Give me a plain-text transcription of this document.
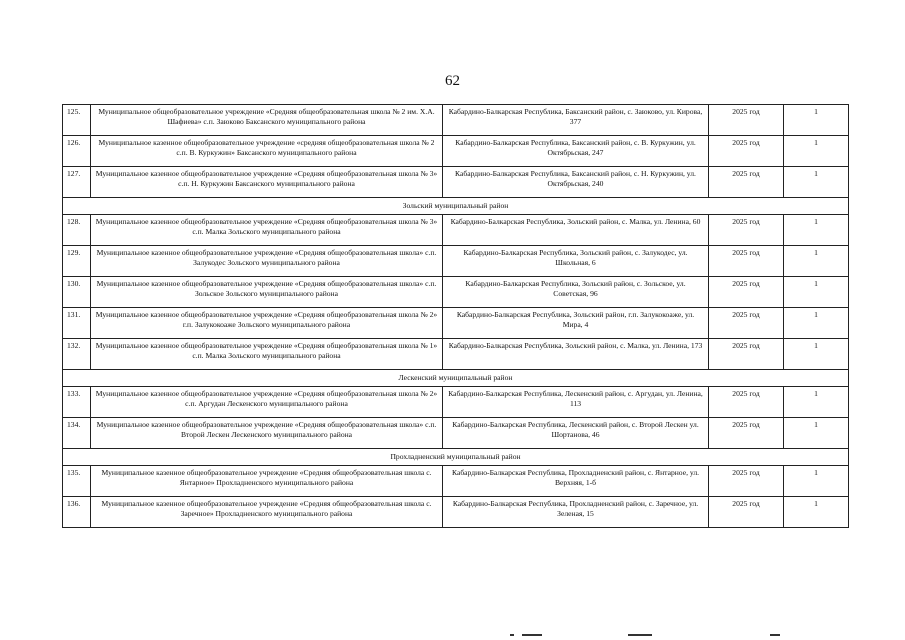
62
125.	Муниципальное общеобразовательное учреждение «Средняя общеобразовательная школа № 2 им. Х.А. Шафиева» с.п. Заюково Баксанского муниципального района	Кабардино-Балкарская Республика, Баксанский район, с. Заюково, ул. Кирова, 377	2025 год	1
126.	Муниципальное казенное общеобразовательное учреждение «средняя общеобразовательная школа № 2 с.п. В. Куркужин» Баксанского муниципального района	Кабардино-Балкарская Республика, Баксанский район, с. В. Куркужин, ул. Октябрьская, 247	2025 год	1
127.	Муниципальное казенное общеобразовательное учреждение «Средняя общеобразовательная школа № 3» с.п. Н. Куркужин Баксанского муниципального района	Кабардино-Балкарская Республика, Баксанский район, с. Н. Куркужин, ул. Октябрьская, 240	2025 год	1
Зольский муниципальный район				
128.	Муниципальное казенное общеобразовательное учреждение «Средняя общеобразовательная школа № 3» с.п. Малка Зольского муниципального района	Кабардино-Балкарская Республика, Зольский район, с. Малка, ул. Ленина, 60	2025 год	1
129.	Муниципальное казенное общеобразовательное учреждение «Средняя общеобразовательная школа» с.п. Залукодес Зольского муниципального района	Кабардино-Балкарская Республика, Зольский район, с. Залукодес, ул. Школьная, 6	2025 год	1
130.	Муниципальное казенное общеобразовательное учреждение «Средняя общеобразовательная школа» с.п. Зольское Зольского муниципального района	Кабардино-Балкарская Республика, Зольский район, с. Зольское, ул. Советская, 96	2025 год	1
131.	Муниципальное казенное общеобразовательное учреждение «Средняя общеобразовательная школа № 2» г.п. Залукокоаже Зольского муниципального района	Кабардино-Балкарская Республика, Зольский район, г.п. Залукокоаже, ул. Мира, 4	2025 год	1
132.	Муниципальное казенное общеобразовательное учреждение «Средняя общеобразовательная школа № 1» с.п. Малка Зольского муниципального района	Кабардино-Балкарская Республика, Зольский район, с. Малка, ул. Ленина, 173	2025 год	1
Лескенский муниципальный район				
133.	Муниципальное казенное общеобразовательное учреждение «Средняя общеобразовательная школа № 2» с.п. Аргудан Лескенского муниципального района	Кабардино-Балкарская Республика, Лескенский район, с. Аргудан, ул. Ленина, 113	2025 год	1
134.	Муниципальное казенное общеобразовательное учреждение «Средняя общеобразовательная школа» с.п. Второй Лескен Лескенского муниципального района	Кабардино-Балкарская Республика, Лескенский район, с. Второй Лескен ул. Шортанова, 46	2025 год	1
Прохладненский муниципальный район				
135.	Муниципальное казенное общеобразовательное учреждение «Средняя общеобразовательная школа с. Янтарное» Прохладненского муниципального района	Кабардино-Балкарская Республика, Прохладненский район, с. Янтарное, ул. Верхняя, 1-б	2025 год	1
136.	Муниципальное казенное общеобразовательное учреждение «Средняя общеобразовательная школа с. Заречное» Прохладненского муниципального района	Кабардино-Балкарская Республика, Прохладненский район, с. Заречное, ул. Зеленая, 15	2025 год	1
